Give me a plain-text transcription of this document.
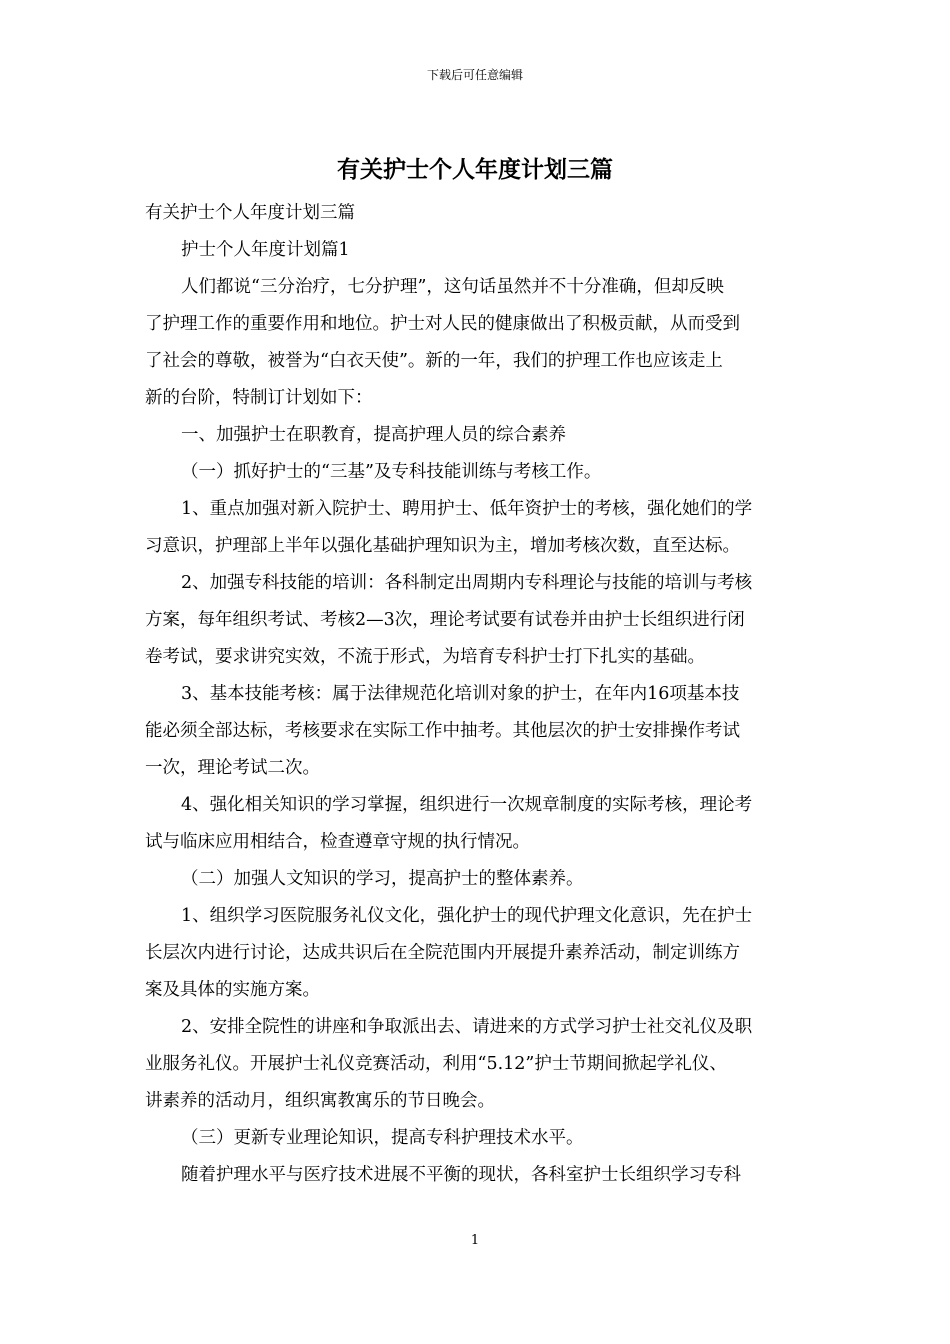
下载后可任意编辑
有关护士个人年度计划三篇
有关护士个人年度计划三篇
护士个人年度计划篇1
人们都说“三分治疗，七分护理”，这句话虽然并不十分准确，但却反映
了护理工作的重要作用和地位。护士对人民的健康做出了积极贡献，从而受到
了社会的尊敬，被誉为“白衣天使”。新的一年，我们的护理工作也应该走上
新的台阶，特制订计划如下：
一、加强护士在职教育，提高护理人员的综合素养
（一）抓好护士的“三基”及专科技能训练与考核工作。
1、重点加强对新入院护士、聘用护士、低年资护士的考核，强化她们的学
习意识，护理部上半年以强化基础护理知识为主，增加考核次数，直至达标。
2、加强专科技能的培训：各科制定出周期内专科理论与技能的培训与考核
方案，每年组织考试、考核2—3次，理论考试要有试卷并由护士长组织进行闭
卷考试，要求讲究实效，不流于形式，为培育专科护士打下扎实的基础。
3、基本技能考核：属于法律规范化培训对象的护士，在年内16项基本技
能必须全部达标，考核要求在实际工作中抽考。其他层次的护士安排操作考试
一次，理论考试二次。
4、强化相关知识的学习掌握，组织进行一次规章制度的实际考核，理论考
试与临床应用相结合，检查遵章守规的执行情况。
（二）加强人文知识的学习，提高护士的整体素养。
1、组织学习医院服务礼仪文化，强化护士的现代护理文化意识，先在护士
长层次内进行讨论，达成共识后在全院范围内开展提升素养活动，制定训练方
案及具体的实施方案。
2、安排全院性的讲座和争取派出去、请进来的方式学习护士社交礼仪及职
业服务礼仪。开展护士礼仪竞赛活动，利用“5.12”护士节期间掀起学礼仪、
讲素养的活动月，组织寓教寓乐的节日晚会。
（三）更新专业理论知识，提高专科护理技术水平。
随着护理水平与医疗技术进展不平衡的现状，各科室护士长组织学习专科
1
